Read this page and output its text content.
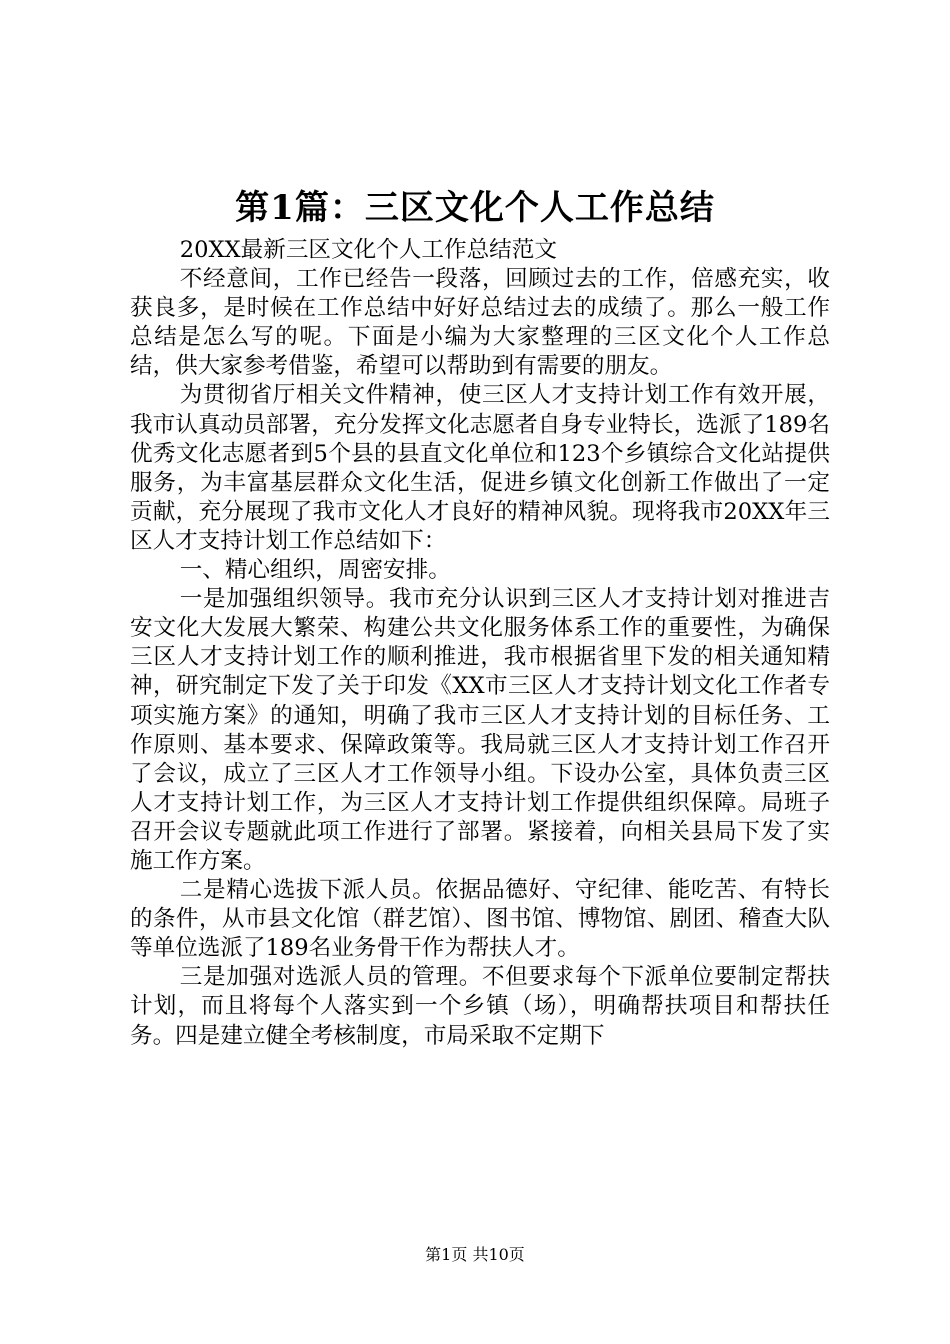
第1篇：三区文化个人工作总结

20XX最新三区文化个人工作总结范文

不经意间，工作已经告一段落，回顾过去的工作，倍感充实，收获良多，是时候在工作总结中好好总结过去的成绩了。那么一般工作总结是怎么写的呢。下面是小编为大家整理的三区文化个人工作总结，供大家参考借鉴，希望可以帮助到有需要的朋友。

为贯彻省厅相关文件精神，使三区人才支持计划工作有效开展，我市认真动员部署，充分发挥文化志愿者自身专业特长，选派了189名优秀文化志愿者到5个县的县直文化单位和123个乡镇综合文化站提供服务，为丰富基层群众文化生活，促进乡镇文化创新工作做出了一定贡献，充分展现了我市文化人才良好的精神风貌。现将我市20XX年三区人才支持计划工作总结如下：

一、精心组织，周密安排。

一是加强组织领导。我市充分认识到三区人才支持计划对推进吉安文化大发展大繁荣、构建公共文化服务体系工作的重要性，为确保三区人才支持计划工作的顺利推进，我市根据省里下发的相关通知精神，研究制定下发了关于印发《XX市三区人才支持计划文化工作者专项实施方案》的通知，明确了我市三区人才支持计划的目标任务、工作原则、基本要求、保障政策等。我局就三区人才支持计划工作召开了会议，成立了三区人才工作领导小组。下设办公室，具体负责三区人才支持计划工作，为三区人才支持计划工作提供组织保障。局班子召开会议专题就此项工作进行了部署。紧接着，向相关县局下发了实施工作方案。

二是精心选拔下派人员。依据品德好、守纪律、能吃苦、有特长的条件，从市县文化馆（群艺馆）、图书馆、博物馆、剧团、稽查大队等单位选派了189名业务骨干作为帮扶人才。

三是加强对选派人员的管理。不但要求每个下派单位要制定帮扶计划，而且将每个人落实到一个乡镇（场），明确帮扶项目和帮扶任务。四是建立健全考核制度，市局采取不定期下

第1页 共10页
